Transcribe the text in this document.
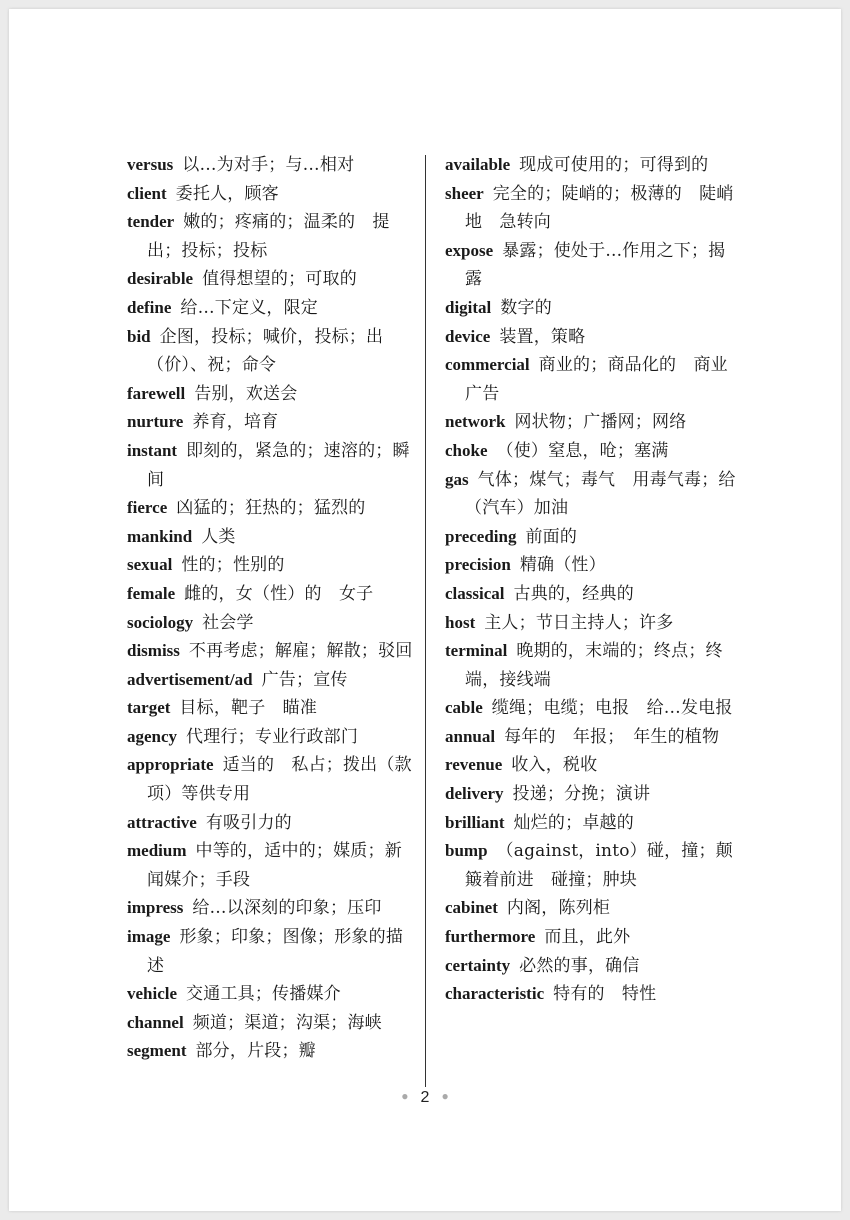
versus 以…为对手；与…相对
client 委托人，顾客
tender 嫩的；疼痛的；温柔的　提出；投标；投标
desirable 值得想望的；可取的
define 给…下定义，限定
bid 企图，投标；喊价，投标；出（价）、祝；命令
farewell 告别，欢送会
nurture 养育，培育
instant 即刻的，紧急的；速溶的；瞬间
fierce 凶猛的；狂热的；猛烈的
mankind 人类
sexual 性的；性别的
female 雌的，女（性）的　女子
sociology 社会学
dismiss 不再考虑；解雇；解散；驳回
advertisement/ad 广告；宣传
target 目标，靶子　瞄准
agency 代理行；专业行政部门
appropriate 适当的　私占；拨出（款项）等供专用
attractive 有吸引力的
medium 中等的，适中的；媒质；新闻媒介；手段
impress 给…以深刻的印象；压印
image 形象；印象；图像；形象的描述
vehicle 交通工具；传播媒介
channel 频道；渠道；沟渠；海峡
segment 部分，片段；瓣
available 现成可使用的；可得到的
sheer 完全的；陡峭的；极薄的　陡峭地　急转向
expose 暴露；使处于...作用之下；揭露
digital 数字的
device 装置，策略
commercial 商业的；商品化的　商业广告
network 网状物；广播网；网络
choke （使）窒息，呛；塞满
gas 气体；煤气；毒气　用毒气毒；给（汽车）加油
preceding 前面的
precision 精确（性）
classical 古典的，经典的
host 主人；节日主持人；许多
terminal 晚期的，末端的；终点；终端，接线端
cable 缆绳；电缆；电报　给…发电报
annual 每年的　年报；　年生的植物
revenue 收入，税收
delivery 投递；分挽；演讲
brilliant 灿烂的；卓越的
bump （against，into）碰，撞；颠簸着前进　碰撞；肿块
cabinet 内阁，陈列柜
furthermore 而且，此外
certainty 必然的事，确信
characteristic 特有的　特性
● 2 ●
